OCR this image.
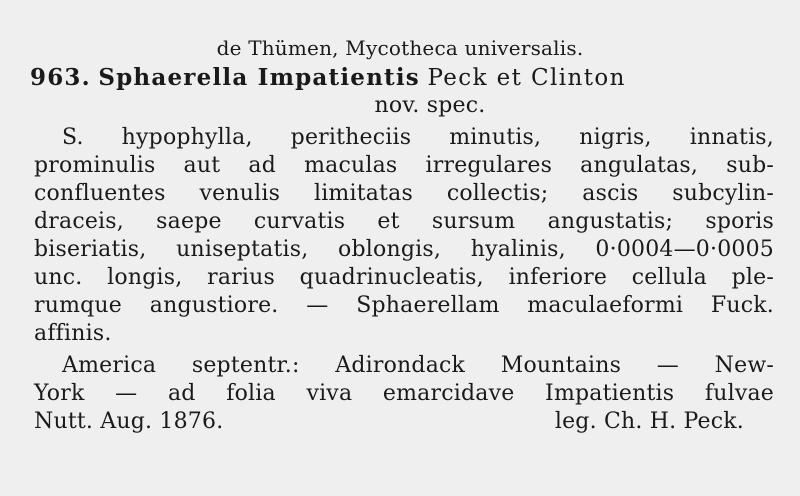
de Thümen, Mycotheca universalis.
963. Sphaerella Impatientis Peck et Clinton
nov. spec.
S. hypophylla, peritheciis minutis, nigris, innatis,
prominulis aut ad maculas irregulares angulatas, sub-
confluentes venulis limitatas collectis; ascis subcylin-
draceis, saepe curvatis et sursum angustatis; sporis
biseriatis, uniseptatis, oblongis, hyalinis, 0·0004—0·0005
unc. longis, rarius quadrinucleatis, inferiore cellula ple-
rumque angustiore. — Sphaerellam maculaeformi Fuck.
affinis.
America septentr.: Adirondack Mountains — New-
York — ad folia viva emarcidave Impatientis fulvae
Nutt. Aug. 1876.	leg. Ch. H. Peck.
